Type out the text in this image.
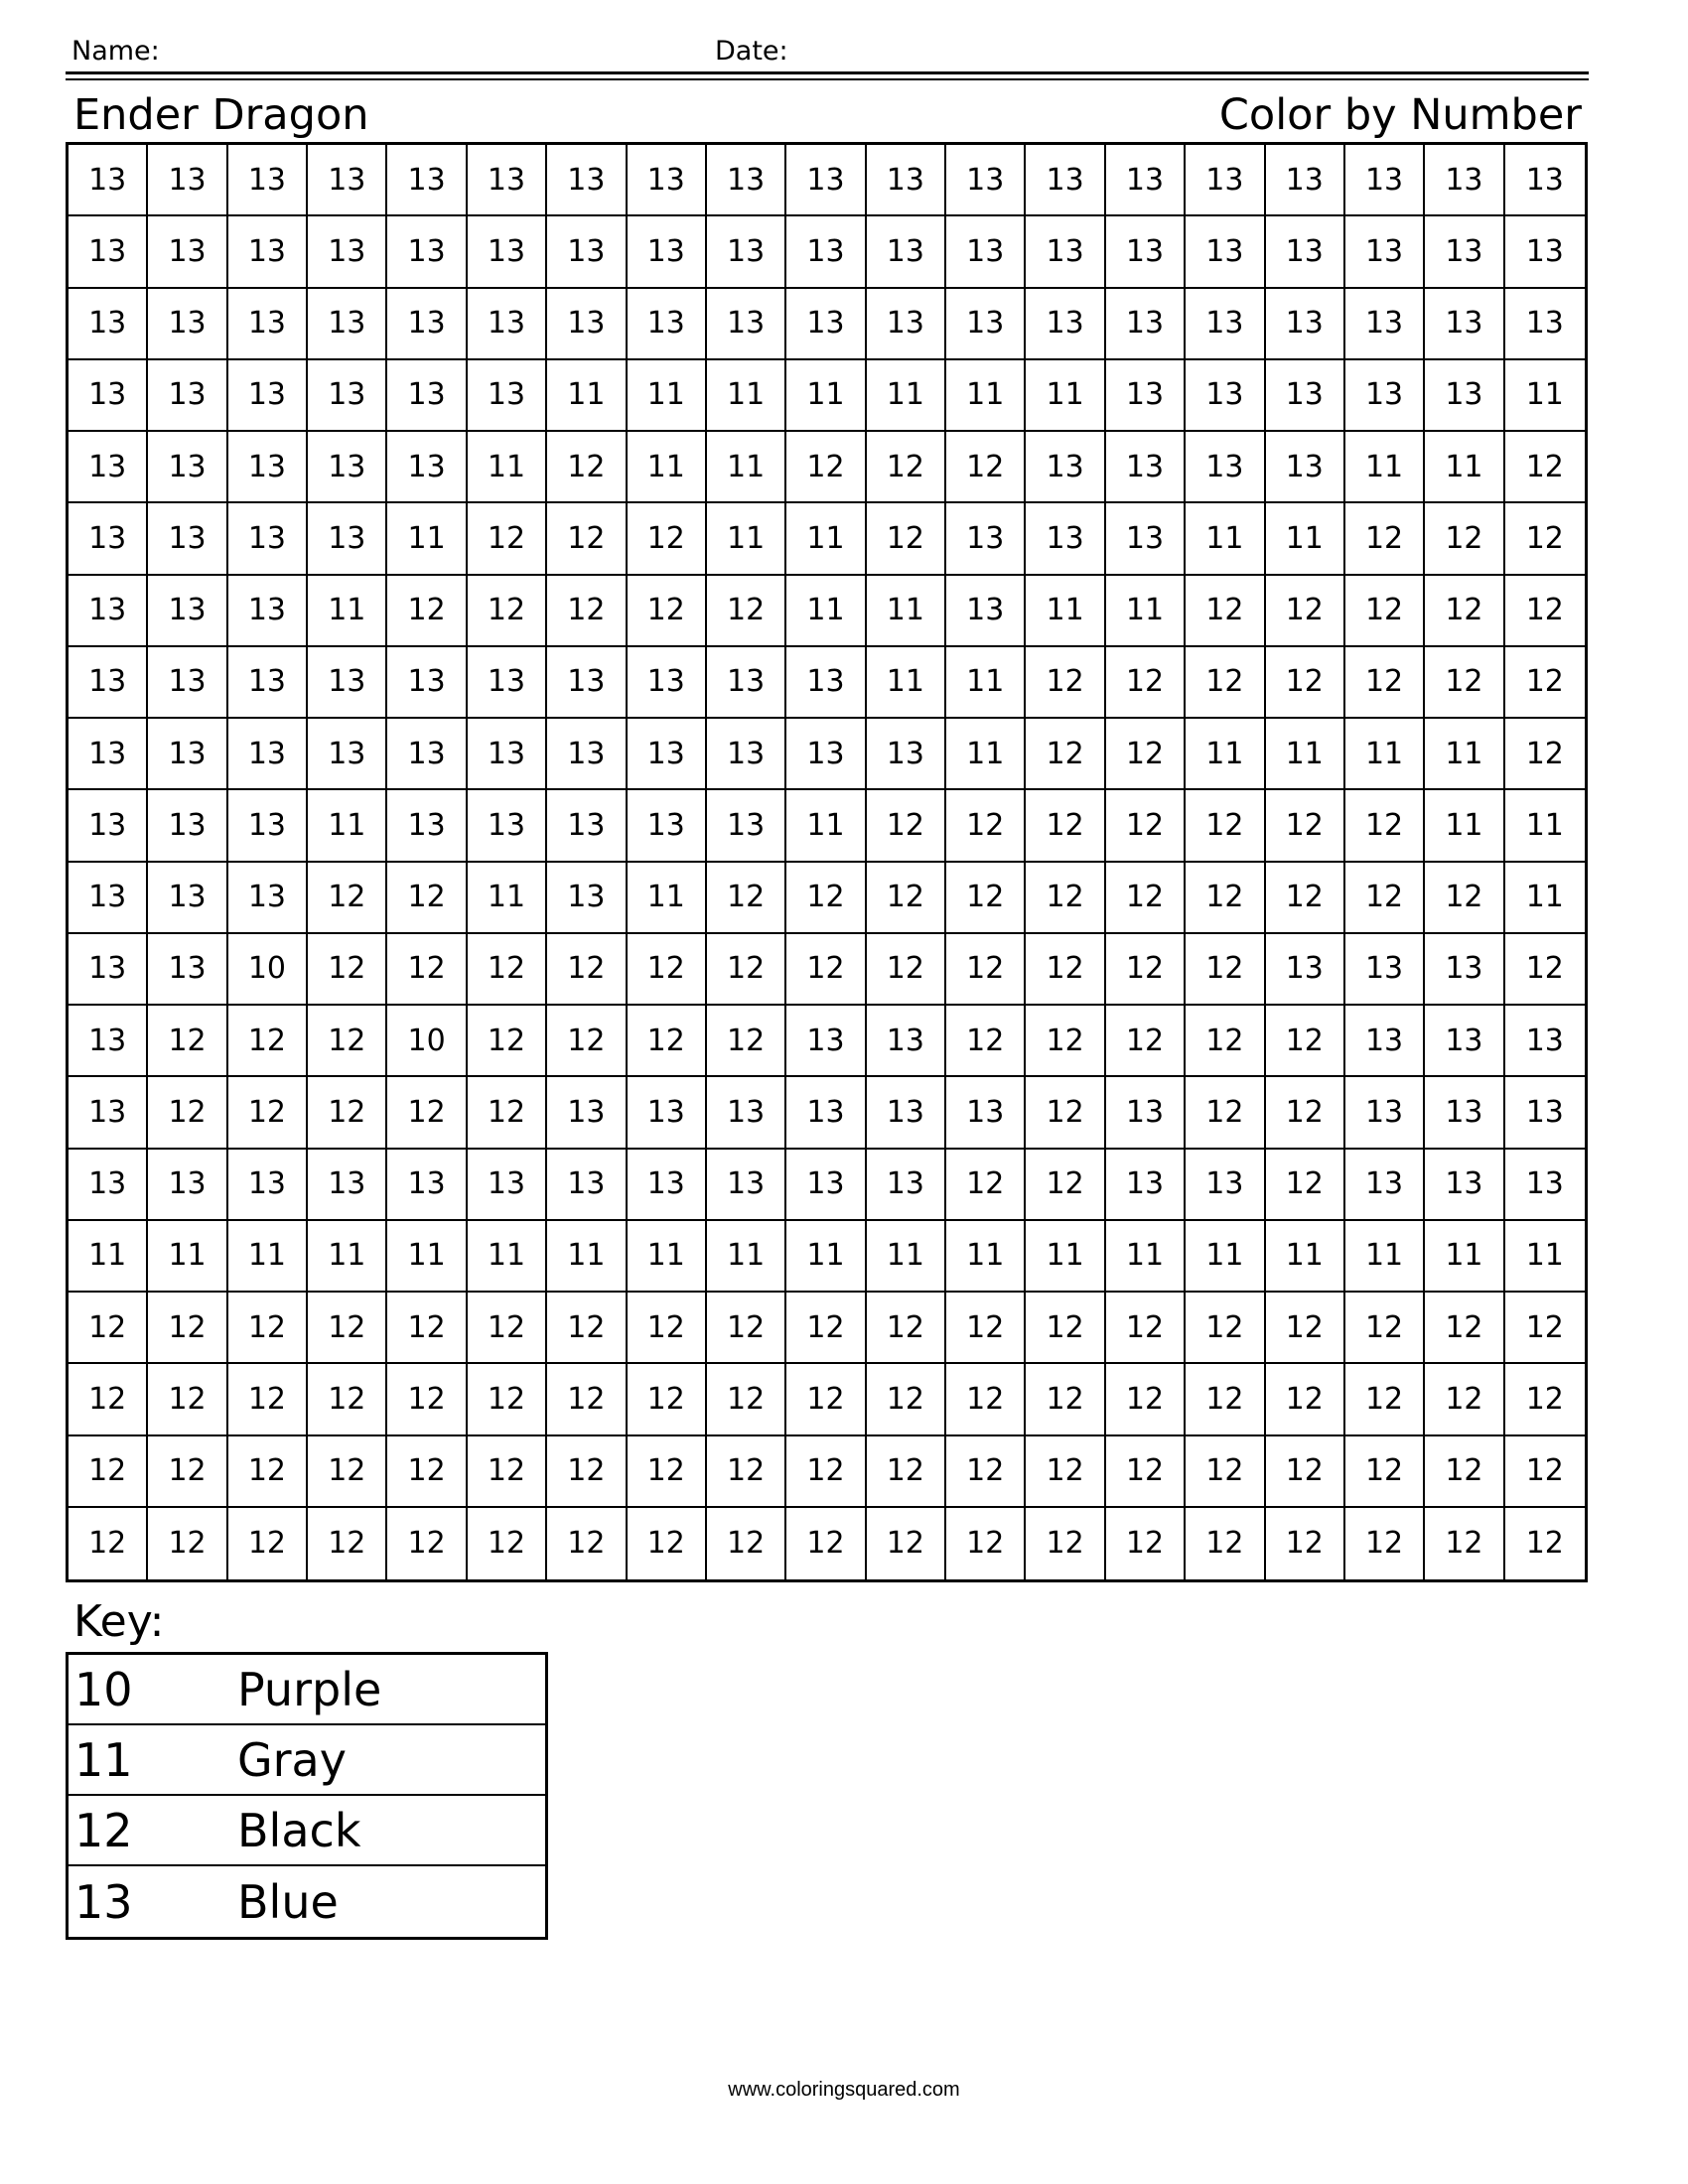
Name:	Date:
Ender Dragon	Color by Number
13	13	13	13	13	13	13	13	13	13	13	13	13	13	13	13	13	13	13
13	13	13	13	13	13	13	13	13	13	13	13	13	13	13	13	13	13	13
13	13	13	13	13	13	13	13	13	13	13	13	13	13	13	13	13	13	13
13	13	13	13	13	13	11	11	11	11	11	11	11	13	13	13	13	13	11
13	13	13	13	13	11	12	11	11	12	12	12	13	13	13	13	11	11	12
13	13	13	13	11	12	12	12	11	11	12	13	13	13	11	11	12	12	12
13	13	13	11	12	12	12	12	12	11	11	13	11	11	12	12	12	12	12
13	13	13	13	13	13	13	13	13	13	11	11	12	12	12	12	12	12	12
13	13	13	13	13	13	13	13	13	13	13	11	12	12	11	11	11	11	12
13	13	13	11	13	13	13	13	13	11	12	12	12	12	12	12	12	11	11
13	13	13	12	12	11	13	11	12	12	12	12	12	12	12	12	12	12	11
13	13	10	12	12	12	12	12	12	12	12	12	12	12	12	13	13	13	12
13	12	12	12	10	12	12	12	12	13	13	12	12	12	12	12	13	13	13
13	12	12	12	12	12	13	13	13	13	13	13	12	13	12	12	13	13	13
13	13	13	13	13	13	13	13	13	13	13	12	12	13	13	12	13	13	13
11	11	11	11	11	11	11	11	11	11	11	11	11	11	11	11	11	11	11
12	12	12	12	12	12	12	12	12	12	12	12	12	12	12	12	12	12	12
12	12	12	12	12	12	12	12	12	12	12	12	12	12	12	12	12	12	12
12	12	12	12	12	12	12	12	12	12	12	12	12	12	12	12	12	12	12
12	12	12	12	12	12	12	12	12	12	12	12	12	12	12	12	12	12	12
Key:
10 Purple
11 Gray
12 Black
13 Blue
www.coloringsquared.com
